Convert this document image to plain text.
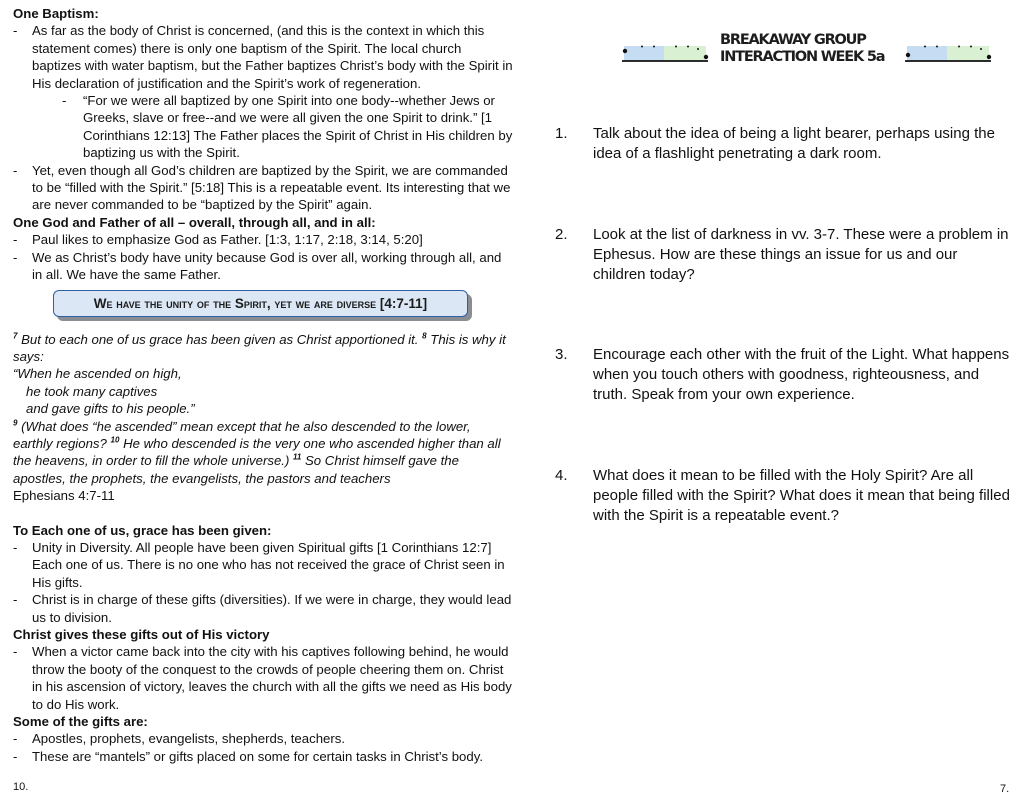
One Baptism:
- As far as the body of Christ is concerned, (and this is the context in which this statement comes) there is only one baptism of the Spirit. The local church baptizes with water baptism, but the Father baptizes Christ’s body with the Spirit in His declaration of justification and the Spirit’s work of regeneration.
- “For we were all baptized by one Spirit into one body--whether Jews or Greeks, slave or free--and we were all given the one Spirit to drink.” [1 Corinthians 12:13] The Father places the Spirit of Christ in His children by baptizing us with the Spirit.
- Yet, even though all God’s children are baptized by the Spirit, we are commanded to be “filled with the Spirit.” [5:18] This is a repeatable event. Its interesting that we are never commanded to be “baptized by the Spirit” again.
One God and Father of all – overall, through all, and in all:
- Paul likes to emphasize God as Father. [1:3, 1:17, 2:18, 3:14, 5:20]
- We as Christ’s body have unity because God is over all, working through all, and in all. We have the same Father.
We have the unity of the Spirit, yet we are diverse [4:7-11]
$^7$ But to each one of us grace has been given as Christ apportioned it. $^8$ This is why it says:
“When he ascended on high,
he took many captives
and gave gifts to his people.”
$^9$ (What does “he ascended” mean except that he also descended to the lower, earthly regions? $^{10}$ He who descended is the very one who ascended higher than all the heavens, in order to fill the whole universe.) $^{11}$ So Christ himself gave the apostles, the prophets, the evangelists, the pastors and teachers
Ephesians 4:7-11
To Each one of us, grace has been given:
- Unity in Diversity. All people have been given Spiritual gifts [1 Corinthians 12:7] Each one of us. There is no one who has not received the grace of Christ seen in His gifts.
- Christ is in charge of these gifts (diversities). If we were in charge, they would lead us to division.
Christ gives these gifts out of His victory
- When a victor came back into the city with his captives following behind, he would throw the booty of the conquest to the crowds of people cheering them on. Christ in his ascension of victory, leaves the church with all the gifts we need as His body to do His work.
Some of the gifts are:
- Apostles, prophets, evangelists, shepherds, teachers.
- These are “mantels” or gifts placed on some for certain tasks in Christ’s body.
10.
BREAKAWAY GROUP
INTERACTION WEEK 5a
1. Talk about the idea of being a light bearer, perhaps using the idea of a flashlight penetrating a dark room.
2. Look at the list of darkness in vv. 3-7. These were a problem in Ephesus. How are these things an issue for us and our children today?
3. Encourage each other with the fruit of the Light. What happens when you touch others with goodness, righteousness, and truth. Speak from your own experience.
4. What does it mean to be filled with the Holy Spirit? Are all people filled with the Spirit? What does it mean that being filled with the Spirit is a repeatable event.?
7.
